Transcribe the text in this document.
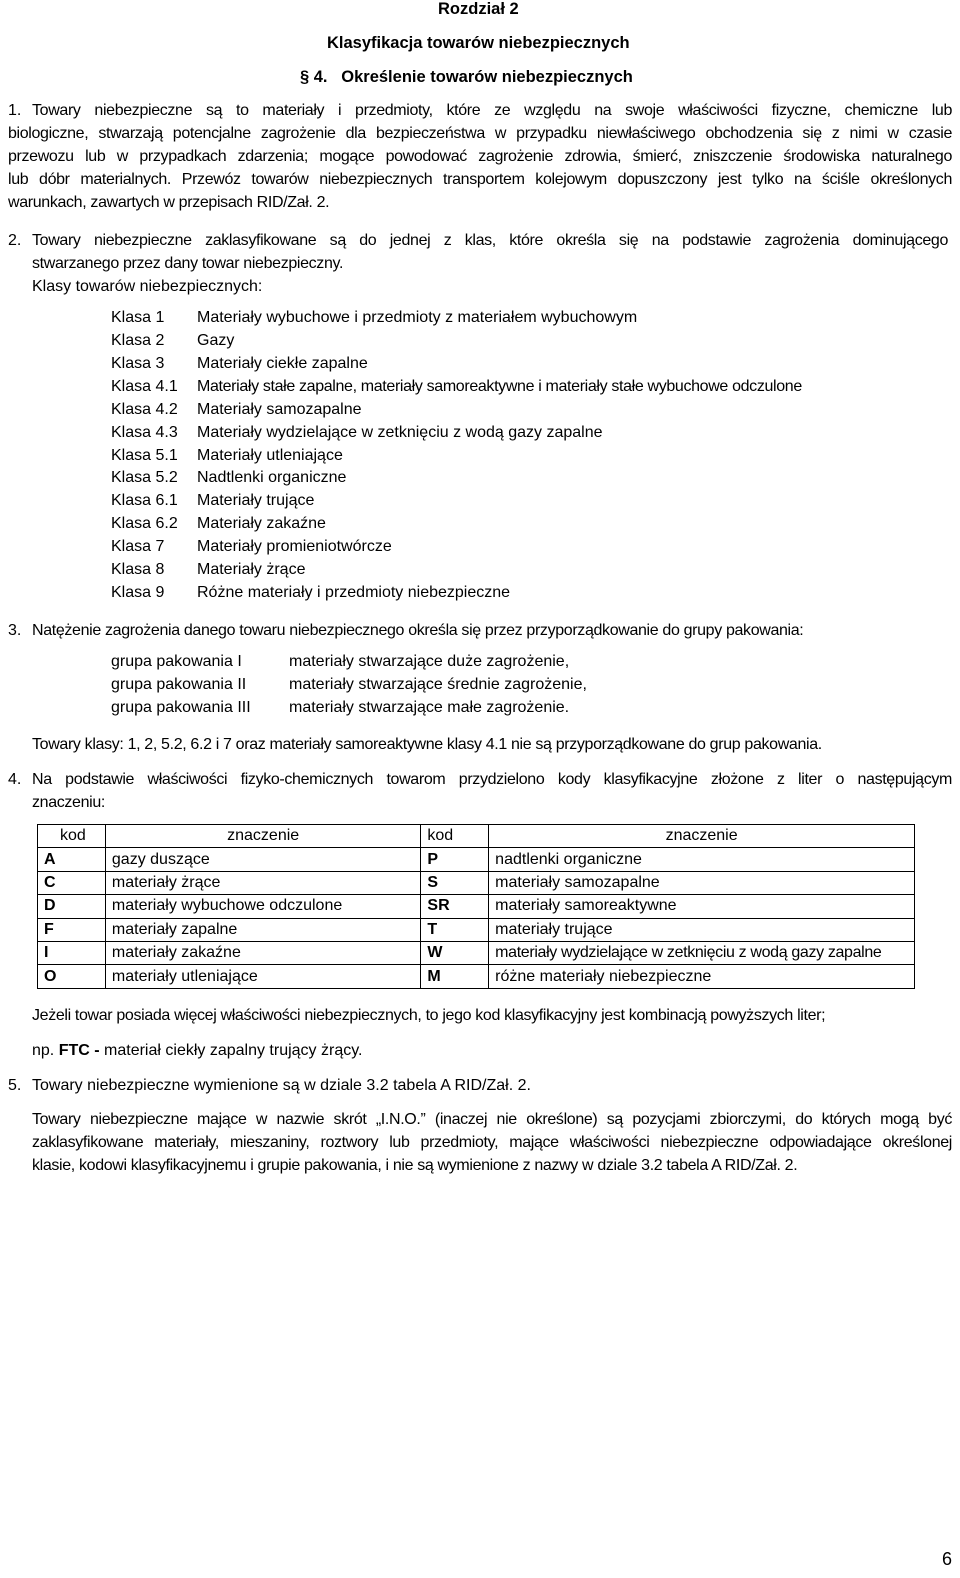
Rozdział 2
Klasyfikacja towarów niebezpiecznych
§ 4.   Określenie towarów niebezpiecznych
1. Towary niebezpieczne są to materiały i przedmioty, które ze względu na swoje właściwości fizyczne, chemiczne lub
biologiczne, stwarzają potencjalne zagrożenie dla bezpieczeństwa w przypadku niewłaściwego obchodzenia się z nimi w czasie
przewozu lub w przypadkach zdarzenia; mogące powodować zagrożenie zdrowia, śmierć, zniszczenie środowiska naturalnego
lub dóbr materialnych. Przewóz towarów niebezpiecznych transportem kolejowym dopuszczony jest tylko na ściśle określonych
warunkach, zawartych w przepisach RID/Zał. 2.
2. Towary niebezpieczne zaklasyfikowane są do jednej z klas, które określa się na podstawie zagrożenia dominującego
stwarzanego przez dany towar niebezpieczny.
Klasy towarów niebezpiecznych:
Klasa 1 Materiały wybuchowe i przedmioty z materiałem wybuchowym
Klasa 2 Gazy
Klasa 3 Materiały ciekłe zapalne
Klasa 4.1 Materiały stałe zapalne, materiały samoreaktywne i materiały stałe wybuchowe odczulone
Klasa 4.2 Materiały samozapalne
Klasa 4.3 Materiały wydzielające w zetknięciu z wodą gazy zapalne
Klasa 5.1 Materiały utleniające
Klasa 5.2 Nadtlenki organiczne
Klasa 6.1 Materiały trujące
Klasa 6.2 Materiały zakaźne
Klasa 7 Materiały promieniotwórcze
Klasa 8 Materiały żrące
Klasa 9 Różne materiały i przedmioty niebezpieczne
3. Natężenie zagrożenia danego towaru niebezpiecznego określa się przez przyporządkowanie do grupy pakowania:
grupa pakowania I	materiały stwarzające duże zagrożenie,
grupa pakowania II	materiały stwarzające średnie zagrożenie,
grupa pakowania III materiały stwarzające małe zagrożenie.
Towary klasy: 1, 2, 5.2, 6.2 i 7 oraz materiały samoreaktywne klasy 4.1 nie są przyporządkowane do grup pakowania.
4. Na podstawie właściwości fizyko-chemicznych towarom przydzielono kody klasyfikacyjne złożone z liter o następującym
znaczeniu:
kod	znaczenie	kod	znaczenie
A	gazy duszące	P	nadtlenki organiczne
C	materiały żrące	S	materiały samozapalne
D	materiały wybuchowe odczulone	SR	materiały samoreaktywne
F	materiały zapalne	T	materiały trujące
I	materiały zakaźne	W	materiały wydzielające w zetknięciu z wodą gazy zapalne
O	materiały utleniające	M	różne materiały niebezpieczne
Jeżeli towar posiada więcej właściwości niebezpiecznych, to jego kod klasyfikacyjny jest kombinacją powyższych liter;
np. FTC - materiał ciekły zapalny trujący żrący.
5. Towary niebezpieczne wymienione są w dziale 3.2 tabela A RID/Zał. 2.
Towary niebezpieczne mające w nazwie skrót „I.N.O.” (inaczej nie określone) są pozycjami zbiorczymi, do których mogą być
zaklasyfikowane materiały, mieszaniny, roztwory lub przedmioty, mające właściwości niebezpieczne odpowiadające określonej
klasie, kodowi klasyfikacyjnemu i grupie pakowania, i nie są wymienione z nazwy w dziale 3.2 tabela A RID/Zał. 2.
6
